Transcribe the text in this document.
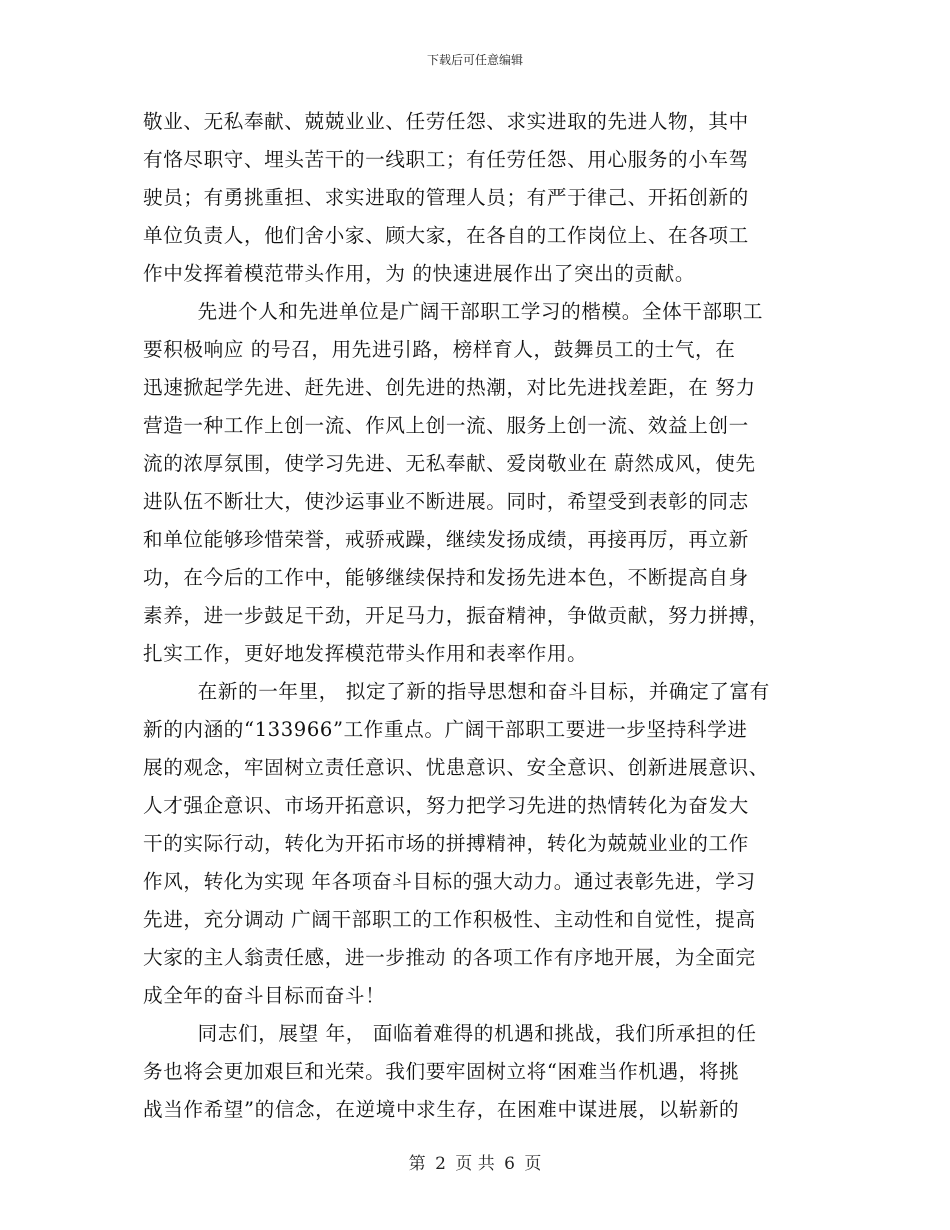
下载后可任意编辑
敬业、无私奉献、兢兢业业、任劳任怨、求实进取的先进人物，其中
有恪尽职守、埋头苦干的一线职工；有任劳任怨、用心服务的小车驾
驶员；有勇挑重担、求实进取的管理人员；有严于律己、开拓创新的
单位负责人，他们舍小家、顾大家，在各自的工作岗位上、在各项工
作中发挥着模范带头作用，为 的快速进展作出了突出的贡献。
先进个人和先进单位是广阔干部职工学习的楷模。全体干部职工
要积极响应 的号召，用先进引路，榜样育人，鼓舞员工的士气，在
迅速掀起学先进、赶先进、创先进的热潮，对比先进找差距，在 努力
营造一种工作上创一流、作风上创一流、服务上创一流、效益上创一
流的浓厚氛围，使学习先进、无私奉献、爱岗敬业在 蔚然成风，使先
进队伍不断壮大，使沙运事业不断进展。同时，希望受到表彰的同志
和单位能够珍惜荣誉，戒骄戒躁，继续发扬成绩，再接再厉，再立新
功，在今后的工作中，能够继续保持和发扬先进本色，不断提高自身
素养，进一步鼓足干劲，开足马力，振奋精神，争做贡献，努力拼搏，
扎实工作，更好地发挥模范带头作用和表率作用。
在新的一年里， 拟定了新的指导思想和奋斗目标，并确定了富有
新的内涵的“133966”工作重点。广阔干部职工要进一步坚持科学进
展的观念，牢固树立责任意识、忧患意识、安全意识、创新进展意识、
人才强企意识、市场开拓意识，努力把学习先进的热情转化为奋发大
干的实际行动，转化为开拓市场的拼搏精神，转化为兢兢业业的工作
作风，转化为实现 年各项奋斗目标的强大动力。通过表彰先进，学习
先进，充分调动 广阔干部职工的工作积极性、主动性和自觉性，提高
大家的主人翁责任感，进一步推动 的各项工作有序地开展，为全面完
成全年的奋斗目标而奋斗！
同志们，展望 年， 面临着难得的机遇和挑战，我们所承担的任
务也将会更加艰巨和光荣。我们要牢固树立将“困难当作机遇，将挑
战当作希望”的信念，在逆境中求生存，在困难中谋进展，以崭新的
第 2 页 共 6 页
